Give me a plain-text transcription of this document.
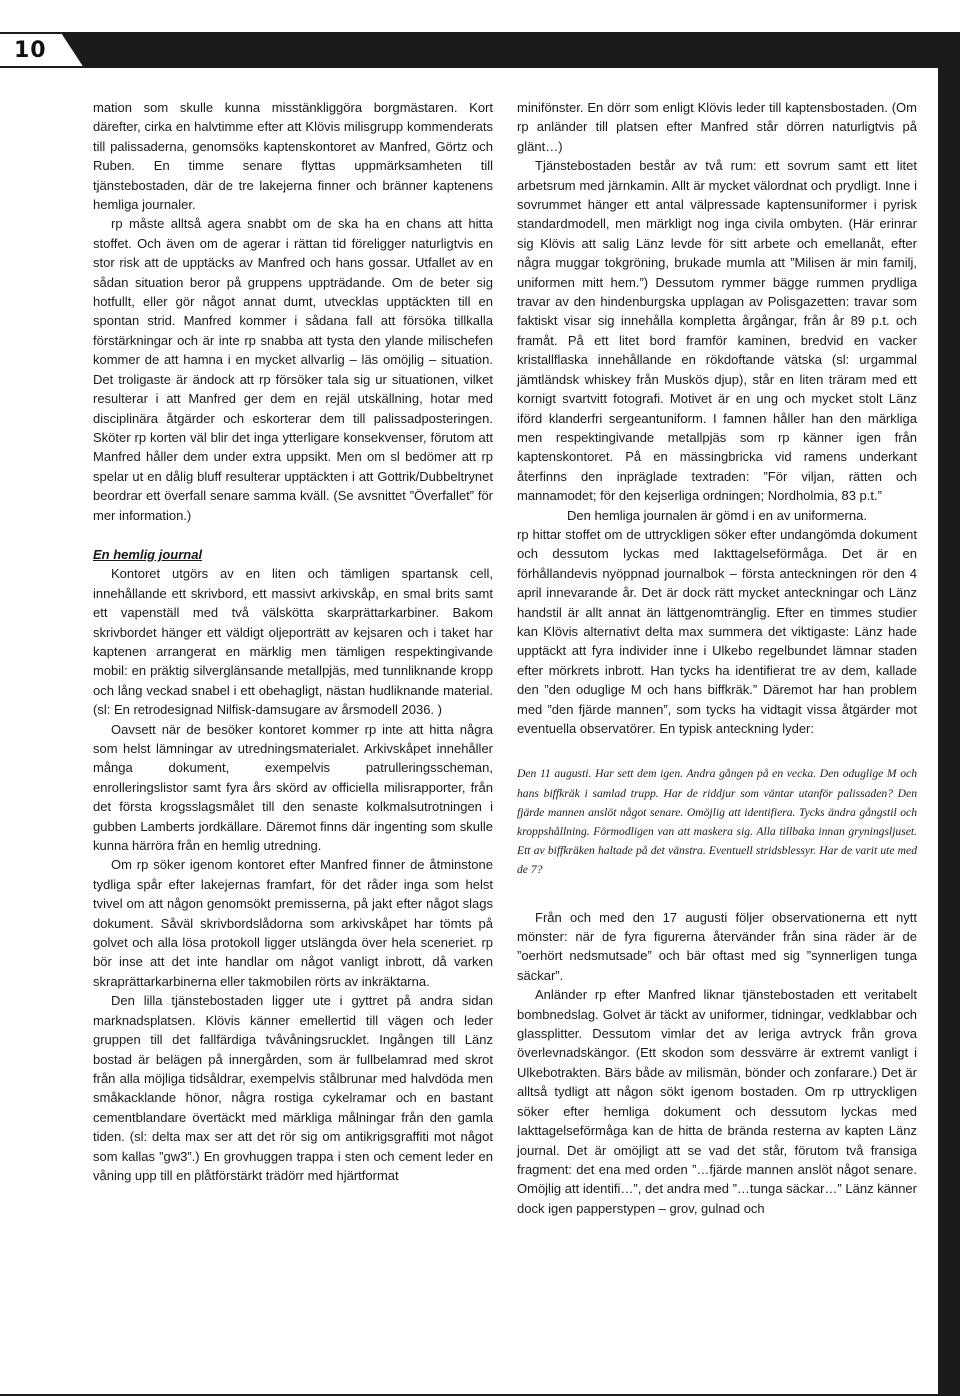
10

mation som skulle kunna misstänkliggöra borgmästaren. Kort därefter, cirka en halvtimme efter att Klövis milisgrupp kommenderats till palissaderna, genomsöks kaptenskontoret av Manfred, Görtz och Ruben. En timme senare flyttas uppmärksamheten till tjänstebostaden, där de tre lakejerna finner och bränner kaptenens hemliga journaler.

rp måste alltså agera snabbt om de ska ha en chans att hitta stoffet. Och även om de agerar i rättan tid föreligger naturligtvis en stor risk att de upptäcks av Manfred och hans gossar. Utfallet av en sådan situation beror på gruppens uppträdande. Om de beter sig hotfullt, eller gör något annat dumt, utvecklas upptäckten till en spontan strid. Manfred kommer i sådana fall att försöka tillkalla förstärkningar och är inte rp snabba att tysta den ylande milischefen kommer de att hamna i en mycket allvarlig – läs omöjlig – situation. Det troligaste är ändock att rp försöker tala sig ur situationen, vilket resulterar i att Manfred ger dem en rejäl utskällning, hotar med disciplinära åtgärder och eskorterar dem till palissadposteringen. Sköter rp korten väl blir det inga ytterligare konsekvenser, förutom att Manfred håller dem under extra uppsikt. Men om sl bedömer att rp spelar ut en dålig bluff resulterar upptäckten i att Gottrik/Dubbeltrynet beordrar ett överfall senare samma kväll. (Se avsnittet ”Överfallet” för mer information.)

En hemlig journal

Kontoret utgörs av en liten och tämligen spartansk cell, innehållande ett skrivbord, ett massivt arkivskåp, en smal brits samt ett vapenställ med två välskötta skarprättarkarbiner. Bakom skrivbordet hänger ett väldigt oljeporträtt av kejsaren och i taket har kaptenen arrangerat en märklig men tämligen respektingivande mobil: en präktig silverglänsande metallpjäs, med tunnliknande kropp och lång veckad snabel i ett obehagligt, nästan hudliknande material. (sl: En retrodesignad Nilfisk-damsugare av årsmodell 2036. )

Oavsett när de besöker kontoret kommer rp inte att hitta några som helst lämningar av utredningsmaterialet. Arkivskåpet innehåller många dokument, exempelvis patrulleringsscheman, enrolleringslistor samt fyra års skörd av officiella milisrapporter, från det första krogsslagsmålet till den senaste kolkmalsutrotningen i gubben Lamberts jordkällare. Däremot finns där ingenting som skulle kunna härröra från en hemlig utredning.

Om rp söker igenom kontoret efter Manfred finner de åtminstone tydliga spår efter lakejernas framfart, för det råder inga som helst tvivel om att någon genomsökt premisserna, på jakt efter något slags dokument. Såväl skrivbordslådorna som arkivskåpet har tömts på golvet och alla lösa protokoll ligger utslängda över hela sceneriet. rp bör inse att det inte handlar om något vanligt inbrott, då varken skraprättarkarbinerna eller takmobilen rörts av inkräktarna.

Den lilla tjänstebostaden ligger ute i gyttret på andra sidan marknadsplatsen. Klövis känner emellertid till vägen och leder gruppen till det fallfärdiga tvåvåningsrucklet. Ingången till Länz bostad är belägen på innergården, som är fullbelamrad med skrot från alla möjliga tidsåldrar, exempelvis stålbrunar med halvdöda men småkacklande hönor, några rostiga cykelramar och en bastant cementblandare övertäckt med märkliga målningar från den gamla tiden. (sl: delta max ser att det rör sig om antikrigsgraffiti mot något som kallas ”gw3”.) En grovhuggen trappa i sten och cement leder en våning upp till en plåtförstärkt trädörr med hjärtformat

minifönster. En dörr som enligt Klövis leder till kaptensbostaden. (Om rp anländer till platsen efter Manfred står dörren naturligtvis på glänt…)

Tjänstebostaden består av två rum: ett sovrum samt ett litet arbetsrum med järnkamin. Allt är mycket välordnat och prydligt. Inne i sovrummet hänger ett antal välpressade kaptensuniformer i pyrisk standardmodell, men märkligt nog inga civila ombyten. (Här erinrar sig Klövis att salig Länz levde för sitt arbete och emellanåt, efter några muggar tokgröning, brukade mumla att ”Milisen är min familj, uniformen mitt hem.”) Dessutom rymmer bägge rummen prydliga travar av den hindenburgska upplagan av Polisgazetten: travar som faktiskt visar sig innehålla kompletta årgångar, från år 89 p.t. och framåt. På ett litet bord framför kaminen, bredvid en vacker kristallflaska innehållande en rökdoftande vätska (sl: urgammal jämtländsk whiskey från Muskös djup), står en liten träram med ett kornigt svartvitt fotografi. Motivet är en ung och mycket stolt Länz iförd klanderfri sergeantuniform. I famnen håller han den märkliga men respektingivande metallpjäs som rp känner igen från kaptenskontoret. På en mässingbricka vid ramens underkant återfinns den inpräglade textraden: ”För viljan, rätten och mannamodet; för den kejserliga ordningen; Nordholmia, 83 p.t.”

Den hemliga journalen är gömd i en av uniformerna.

rp hittar stoffet om de uttryckligen söker efter undangömda dokument och dessutom lyckas med Iakttagelseförmåga. Det är en förhållandevis nyöppnad journalbok – första anteckningen rör den 4 april innevarande år. Det är dock rätt mycket anteckningar och Länz handstil är allt annat än lättgenomtränglig. Efter en timmes studier kan Klövis alternativt delta max summera det viktigaste: Länz hade upptäckt att fyra individer inne i Ulkebo regelbundet lämnar staden efter mörkrets inbrott. Han tycks ha identifierat tre av dem, kallade den ”den oduglige M och hans biffkräk.” Däremot har han problem med ”den fjärde mannen”, som tycks ha vidtagit vissa åtgärder mot eventuella observatörer. En typisk anteckning lyder:

Den 11 augusti. Har sett dem igen. Andra gången på en vecka. Den oduglige M och hans biffkräk i samlad trupp. Har de riddjur som väntar utanför palissaden? Den fjärde mannen anslöt något senare. Omöjlig att identifiera. Tycks ändra gångstil och kroppshållning. Förmodligen van att maskera sig. Alla tillbaka innan gryningsljuset. Ett av biffkräken haltade på det vänstra. Eventuell stridsblessyr. Har de varit ute med de 7?

Från och med den 17 augusti följer observationerna ett nytt mönster: när de fyra figurerna återvänder från sina räder är de ”oerhört nedsmutsade” och bär oftast med sig ”synnerligen tunga säckar”.

Anländer rp efter Manfred liknar tjänstebostaden ett veritabelt bombnedslag. Golvet är täckt av uniformer, tidningar, vedklabbar och glassplitter. Dessutom vimlar det av leriga avtryck från grova överlevnadskängor. (Ett skodon som dessvärre är extremt vanligt i Ulkebotrakten. Bärs både av milismän, bönder och zonfarare.) Det är alltså tydligt att någon sökt igenom bostaden. Om rp uttryckligen söker efter hemliga dokument och dessutom lyckas med Iakttagelseförmåga kan de hitta de brända resterna av kapten Länz journal. Det är omöjligt att se vad det står, förutom två fransiga fragment: det ena med orden ”…fjärde mannen anslöt något senare. Omöjlig att identifi…”, det andra med ”…tunga säckar…” Länz känner dock igen papperstypen – grov, gulnad och
